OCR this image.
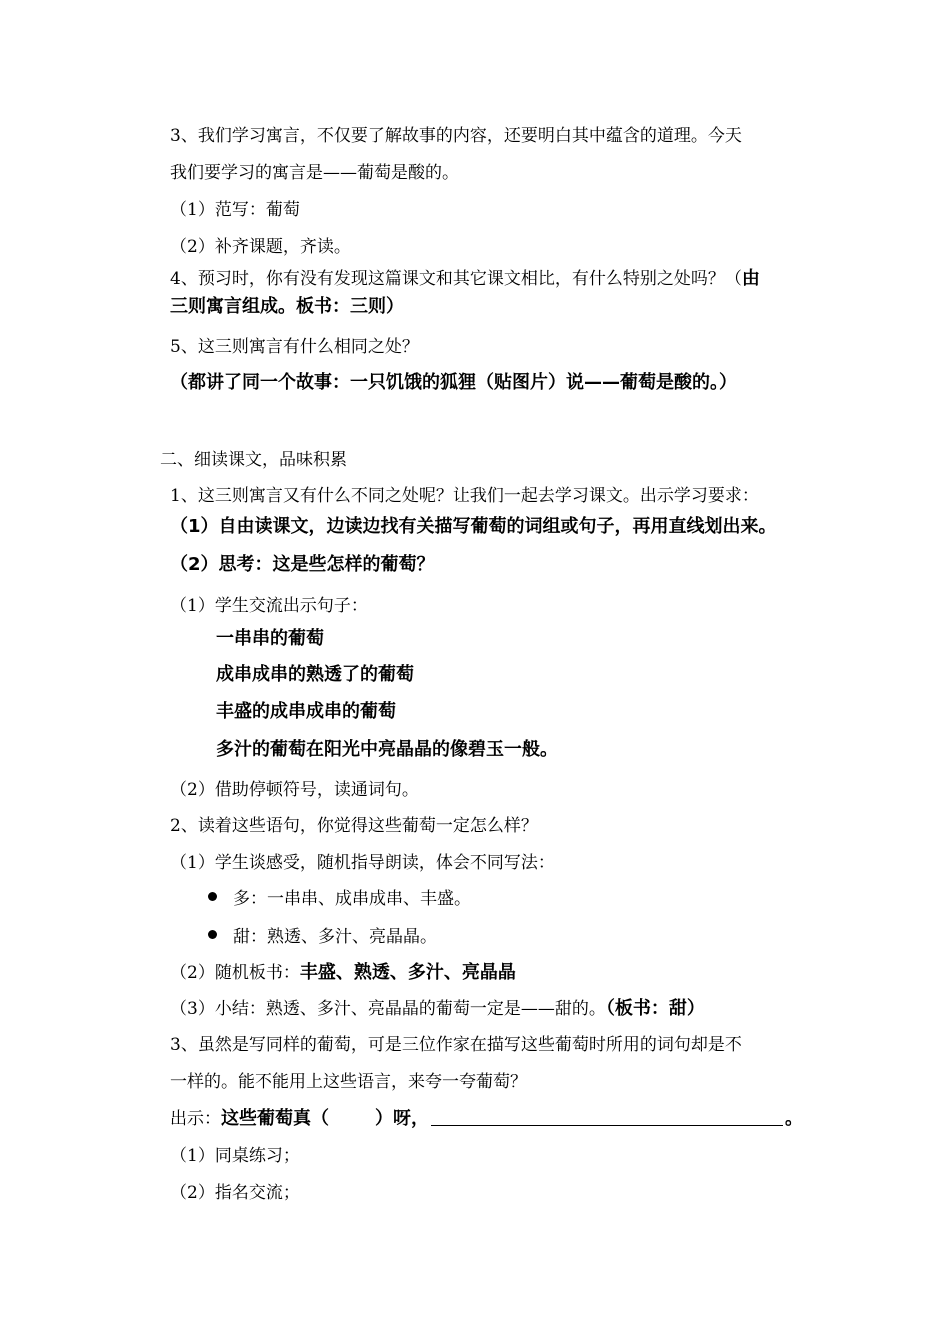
3、我们学习寓言，不仅要了解故事的内容，还要明白其中蕴含的道理。今天
我们要学习的寓言是——葡萄是酸的。
（1）范写：葡萄
（2）补齐课题，齐读。
4、预习时，你有没有发现这篇课文和其它课文相比，有什么特别之处吗？（由
三则寓言组成。板书：三则）
5、这三则寓言有什么相同之处？
（都讲了同一个故事：一只饥饿的狐狸（贴图片）说——葡萄是酸的。）
二、细读课文，品味积累
1、这三则寓言又有什么不同之处呢？让我们一起去学习课文。出示学习要求：
（1）自由读课文，边读边找有关描写葡萄的词组或句子，再用直线划出来。
（2）思考：这是些怎样的葡萄？
（1）学生交流出示句子：
一串串的葡萄
成串成串的熟透了的葡萄
丰盛的成串成串的葡萄
多汁的葡萄在阳光中亮晶晶的像碧玉一般。
（2）借助停顿符号，读通词句。
2、读着这些语句，你觉得这些葡萄一定怎么样？
（1）学生谈感受，随机指导朗读，体会不同写法：
多：一串串、成串成串、丰盛。
甜：熟透、多汁、亮晶晶。
（2）随机板书：丰盛、熟透、多汁、亮晶晶
（3）小结：熟透、多汁、亮晶晶的葡萄一定是——甜的。（板书：甜）
3、虽然是写同样的葡萄，可是三位作家在描写这些葡萄时所用的词句却是不
一样的。能不能用上这些语言，来夸一夸葡萄？
出示：这些葡萄真（	）呀，	。
（1）同桌练习；
（2）指名交流；
